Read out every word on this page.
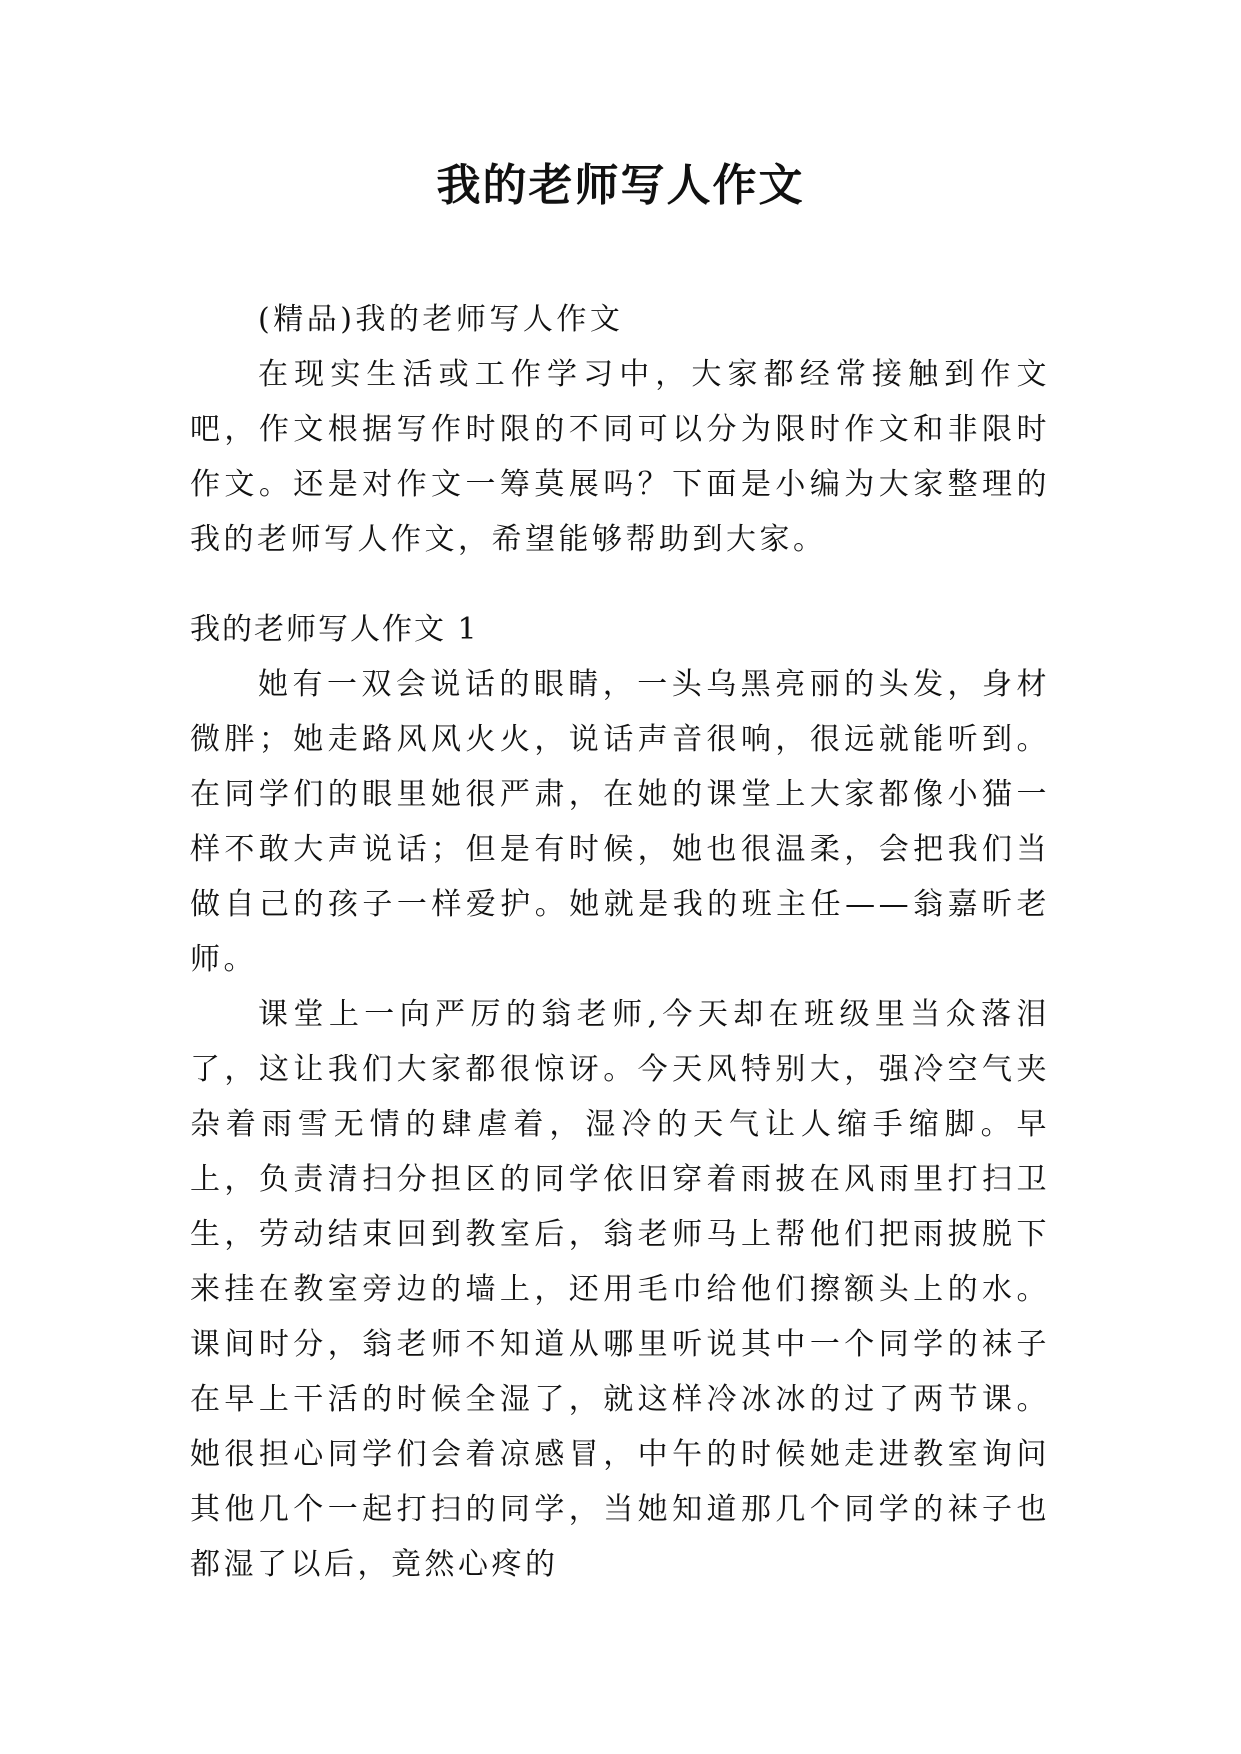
我的老师写人作文

(精品)我的老师写人作文

在现实生活或工作学习中，大家都经常接触到作文吧，作文根据写作时限的不同可以分为限时作文和非限时作文。还是对作文一筹莫展吗？下面是小编为大家整理的我的老师写人作文，希望能够帮助到大家。

我的老师写人作文 1

她有一双会说话的眼睛，一头乌黑亮丽的头发，身材微胖；她走路风风火火，说话声音很响，很远就能听到。在同学们的眼里她很严肃，在她的课堂上大家都像小猫一样不敢大声说话；但是有时候，她也很温柔，会把我们当做自己的孩子一样爱护。她就是我的班主任——翁嘉昕老师。

课堂上一向严厉的翁老师,今天却在班级里当众落泪了，这让我们大家都很惊讶。今天风特别大，强冷空气夹杂着雨雪无情的肆虐着，湿冷的天气让人缩手缩脚。早上，负责清扫分担区的同学依旧穿着雨披在风雨里打扫卫生，劳动结束回到教室后，翁老师马上帮他们把雨披脱下来挂在教室旁边的墙上，还用毛巾给他们擦额头上的水。课间时分，翁老师不知道从哪里听说其中一个同学的袜子在早上干活的时候全湿了，就这样冷冰冰的过了两节课。她很担心同学们会着凉感冒，中午的时候她走进教室询问其他几个一起打扫的同学，当她知道那几个同学的袜子也都湿了以后，竟然心疼的
